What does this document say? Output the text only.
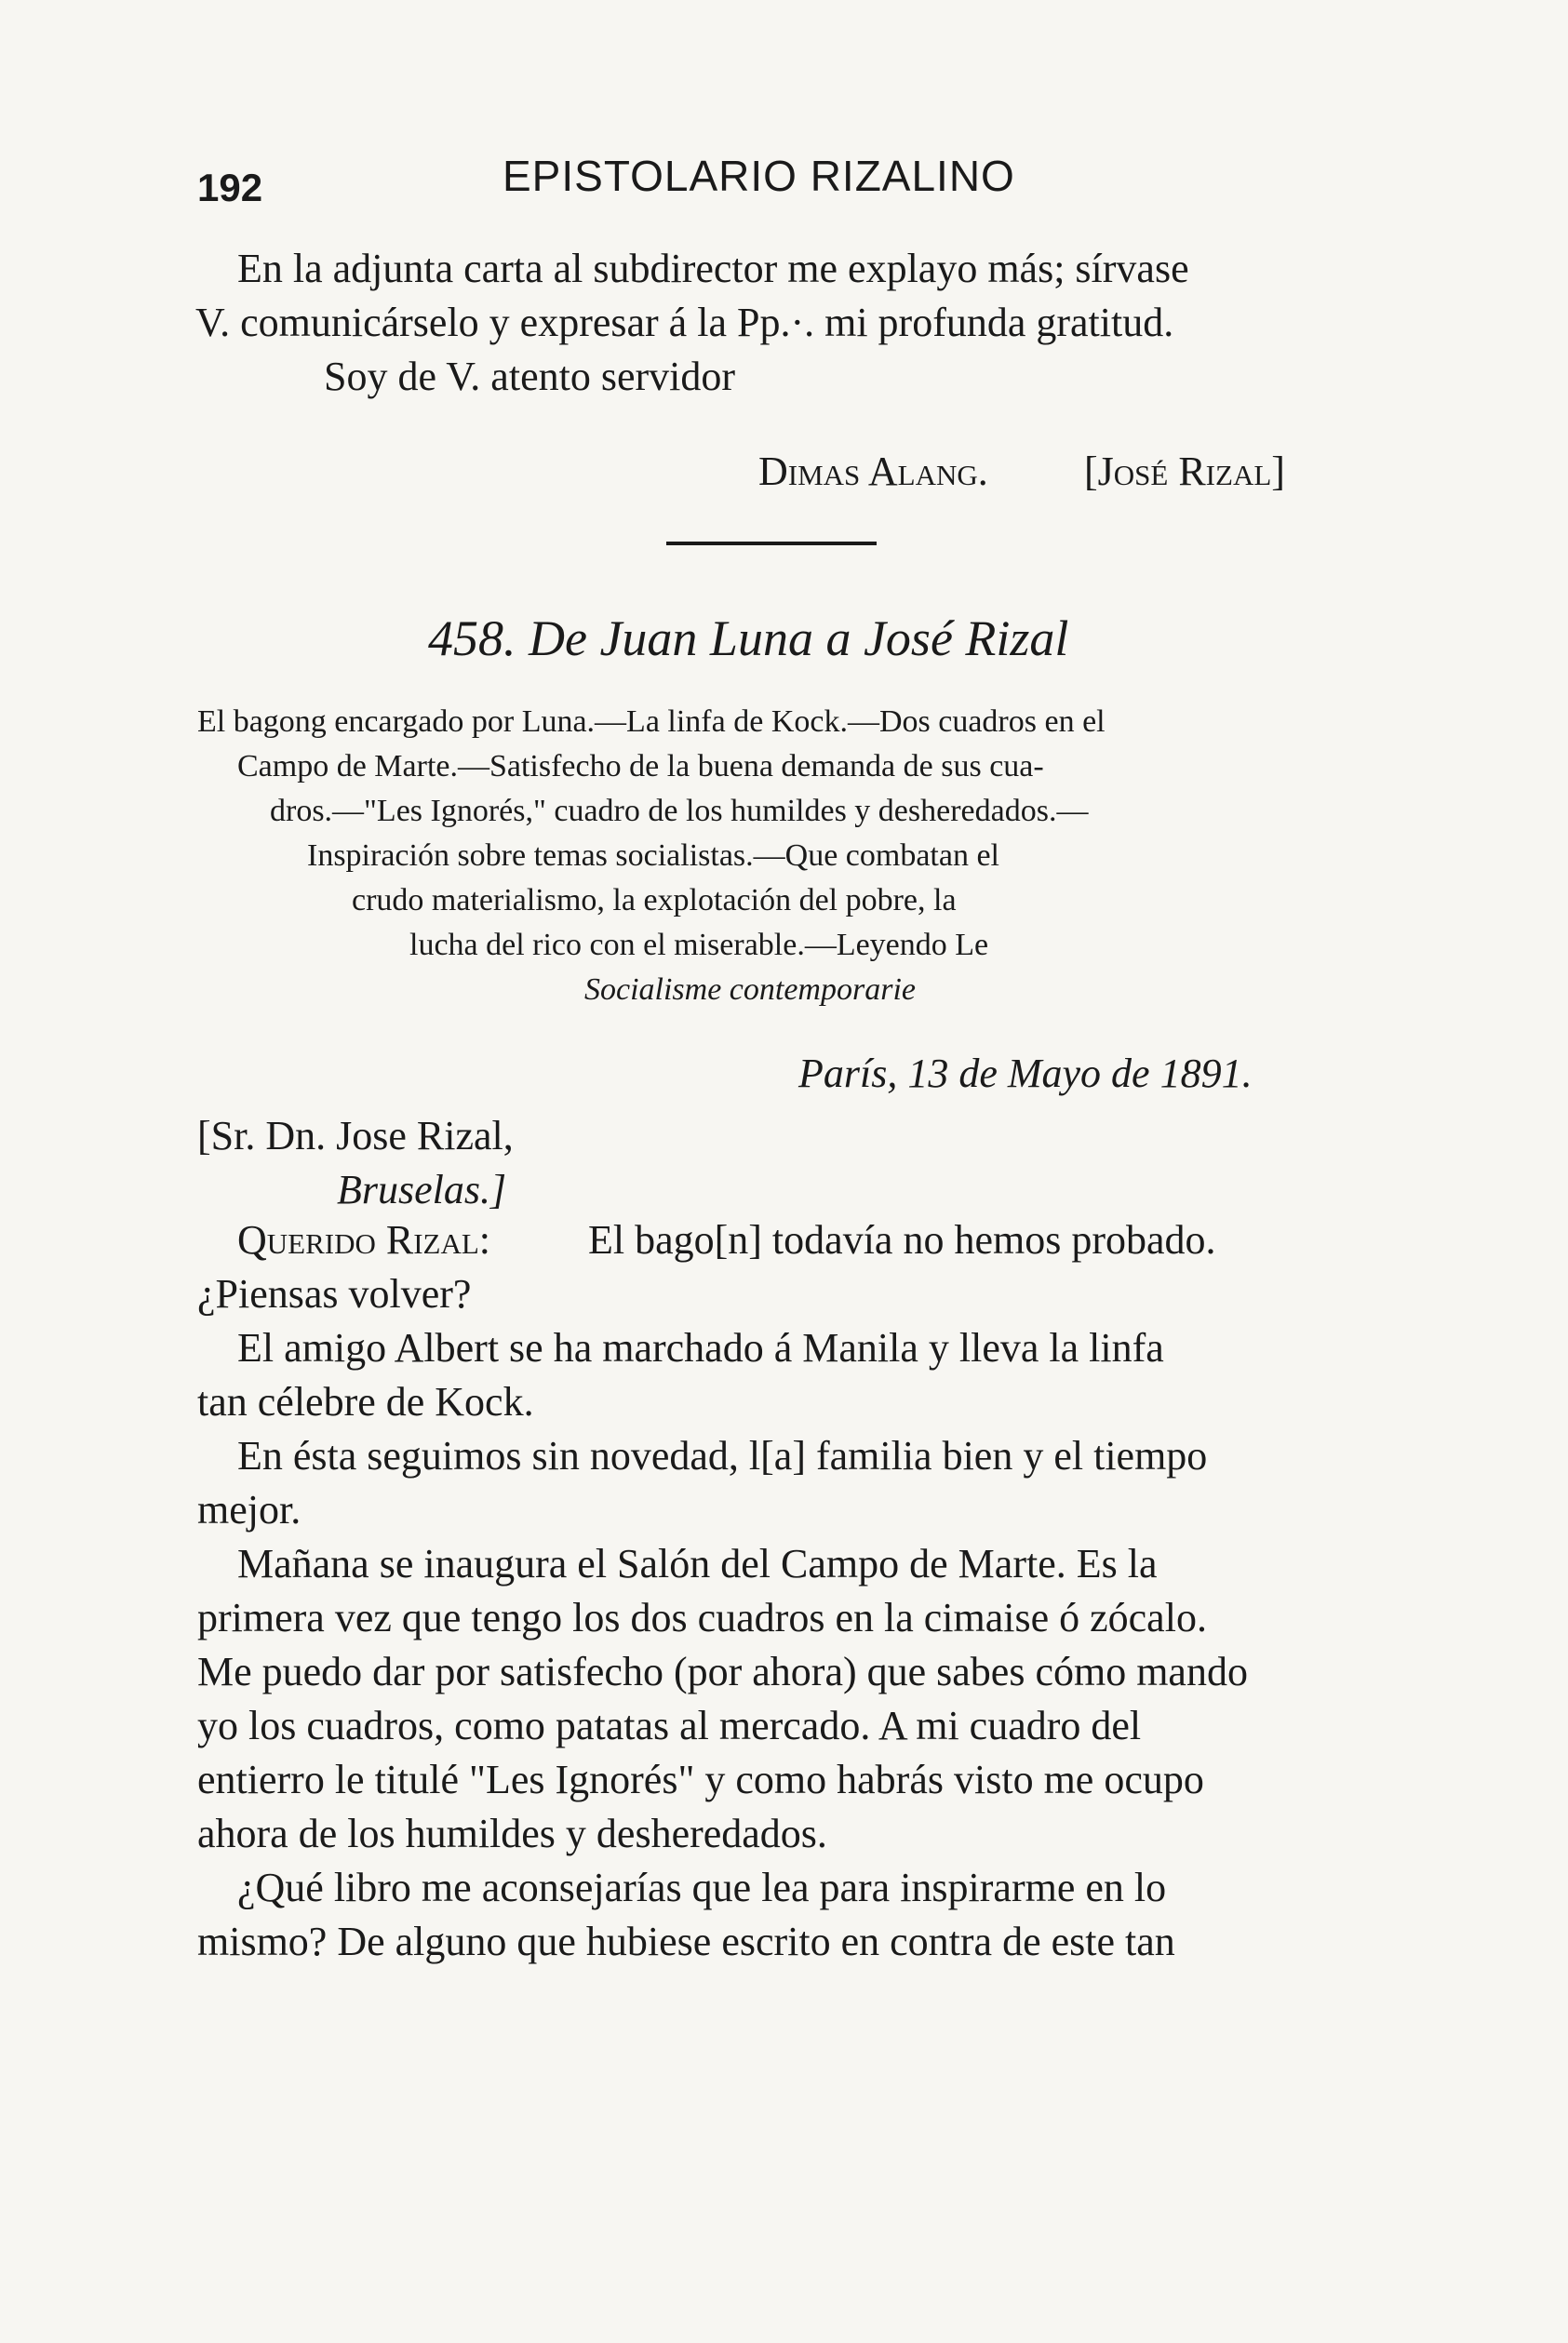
192	EPISTOLARIO RIZALINO
En la adjunta carta al subdirector me explayo más; sírvase
V. comunicárselo y expresar á la Pp.·. mi profunda gratitud.
Soy de V. atento servidor
Dimas Alang. [José Rizal]
458. De Juan Luna a José Rizal
El bagong encargado por Luna.—La linfa de Kock.—Dos cuadros en el
Campo de Marte.—Satisfecho de la buena demanda de sus cua-
dros.—"Les Ignorés," cuadro de los humildes y desheredados.—
Inspiración sobre temas socialistas.—Que combatan el
crudo materialismo, la explotación del pobre, la
lucha del rico con el miserable.—Leyendo Le
Socialisme contemporarie
París, 13 de Mayo de 1891.
[Sr. Dn. Jose Rizal,
Bruselas.]
Querido Rizal: El bago[n] todavía no hemos probado.
¿Piensas volver?
El amigo Albert se ha marchado á Manila y lleva la linfa
tan célebre de Kock.
En ésta seguimos sin novedad, l[a] familia bien y el tiempo
mejor.
Mañana se inaugura el Salón del Campo de Marte. Es la
primera vez que tengo los dos cuadros en la cimaise ó zócalo.
Me puedo dar por satisfecho (por ahora) que sabes cómo mando
yo los cuadros, como patatas al mercado. A mi cuadro del
entierro le titulé "Les Ignorés" y como habrás visto me ocupo
ahora de los humildes y desheredados.
¿Qué libro me aconsejarías que lea para inspirarme en lo
mismo? De alguno que hubiese escrito en contra de este tan
